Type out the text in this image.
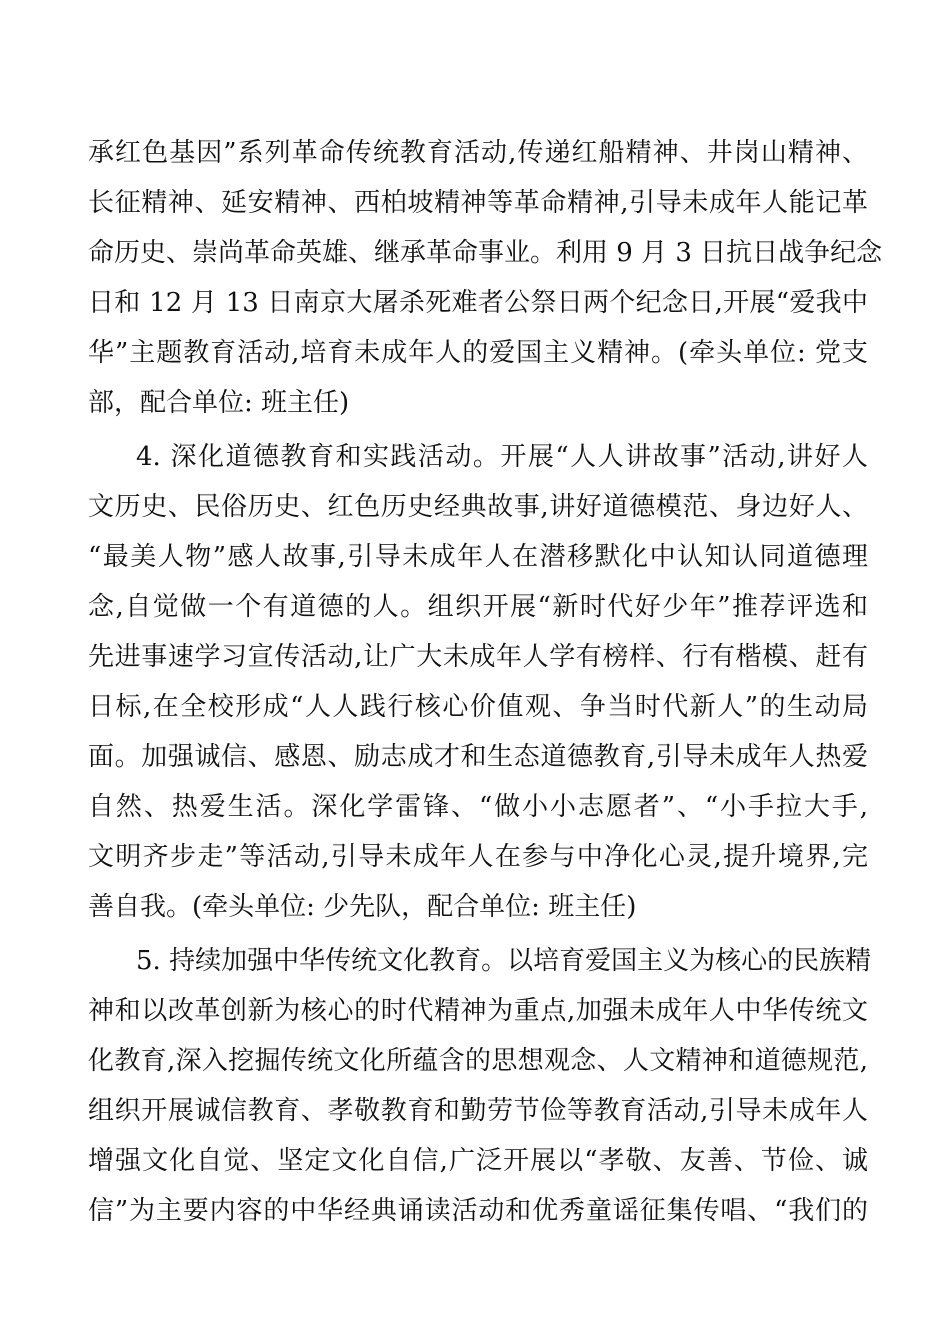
承红色基因”系列革命传统教育活动,传递红船精神、井岗山精神、
长征精神、延安精神、西柏坡精神等革命精神,引导未成年人能记革
命历史、崇尚革命英雄、继承革命事业。利用 9 月 3 日抗日战争纪念
日和 12 月 13 日南京大屠杀死难者公祭日两个纪念日,开展“爱我中
华”主题教育活动,培育未成年人的爱国主义精神。(牵头单位: 党支
部，配合单位: 班主任)
4. 深化道德教育和实践活动。开展“人人讲故事”活动,讲好人
文历史、民俗历史、红色历史经典故事,讲好道德模范、身边好人、
“最美人物”感人故事,引导未成年人在潜移默化中认知认同道德理
念,自觉做一个有道德的人。组织开展“新时代好少年”推荐评选和
先进事速学习宣传活动,让广大未成年人学有榜样、行有楷模、赶有
日标,在全校形成“人人践行核心价值观、争当时代新人”的生动局
面。加强诚信、感恩、励志成才和生态道德教育,引导未成年人热爱
自然、热爱生活。深化学雷锋、“做小小志愿者”、“小手拉大手,
文明齐步走”等活动,引导未成年人在参与中净化心灵,提升境界,完
善自我。(牵头单位: 少先队，配合单位: 班主任)
5. 持续加强中华传统文化教育。以培育爱国主义为核心的民族精
神和以改革创新为核心的时代精神为重点,加强未成年人中华传统文
化教育,深入挖掘传统文化所蕴含的思想观念、人文精神和道德规范,
组织开展诚信教育、孝敬教育和勤劳节俭等教育活动,引导未成年人
增强文化自觉、坚定文化自信,广泛开展以“孝敬、友善、节俭、诚
信”为主要内容的中华经典诵读活动和优秀童谣征集传唱、“我们的
